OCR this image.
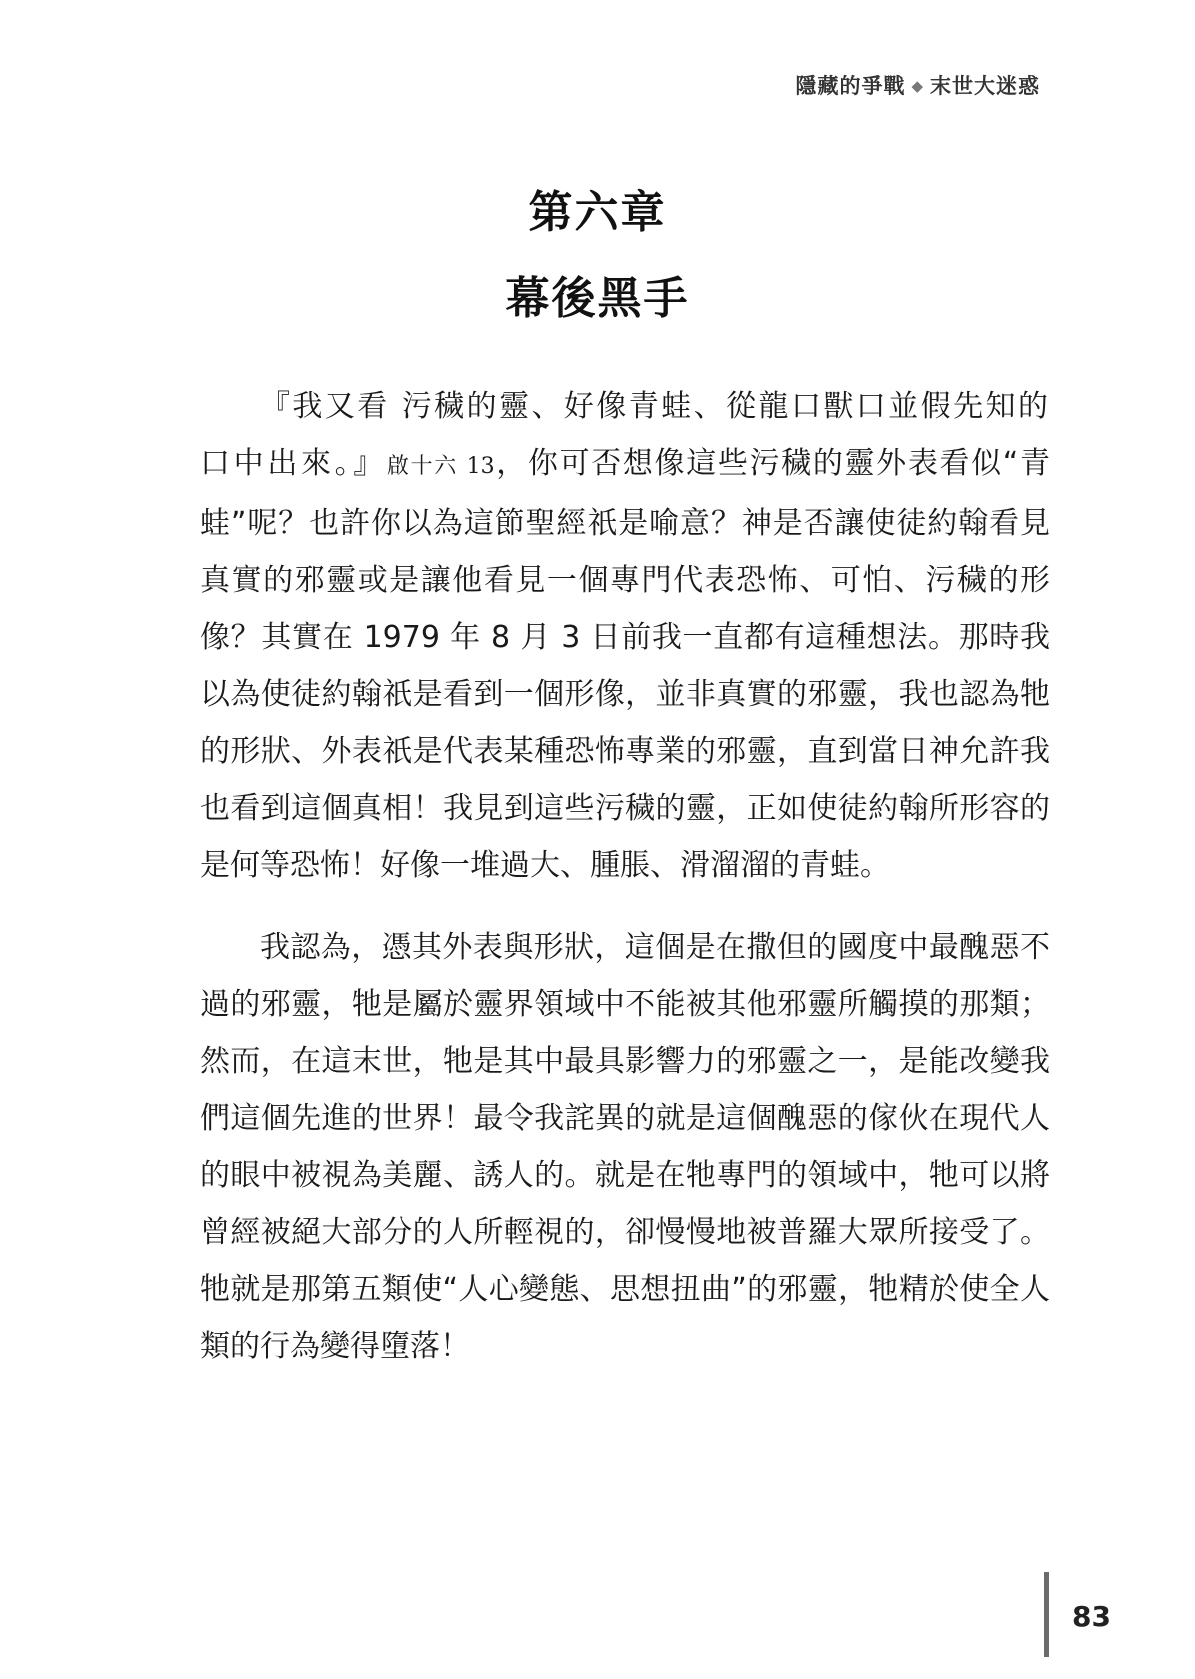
隱藏的爭戰 ◆ 末世大迷惑
第六章
幕後黑手

『我又看 污穢的靈、好像青蛙、從龍口獸口並假先知的口中出來。』啟十六 13，你可否想像這些污穢的靈外表看似“青蛙”呢？也許你以為這節聖經祇是喻意？神是否讓使徒約翰看見真實的邪靈或是讓他看見一個專門代表恐怖、可怕、污穢的形像？其實在 1979 年 8 月 3 日前我一直都有這種想法。那時我以為使徒約翰祇是看到一個形像，並非真實的邪靈，我也認為牠的形狀、外表祇是代表某種恐怖專業的邪靈，直到當日神允許我也看到這個真相！我見到這些污穢的靈，正如使徒約翰所形容的是何等恐怖！好像一堆過大、腫脹、滑溜溜的青蛙。

我認為，憑其外表與形狀，這個是在撒但的國度中最醜惡不過的邪靈，牠是屬於靈界領域中不能被其他邪靈所觸摸的那類；然而，在這末世，牠是其中最具影響力的邪靈之一，是能改變我們這個先進的世界！最令我詫異的就是這個醜惡的傢伙在現代人的眼中被視為美麗、誘人的。就是在牠專門的領域中，牠可以將曾經被絕大部分的人所輕視的，卻慢慢地被普羅大眾所接受了。牠就是那第五類使“人心變態、思想扭曲”的邪靈，牠精於使全人類的行為變得墮落！

83
